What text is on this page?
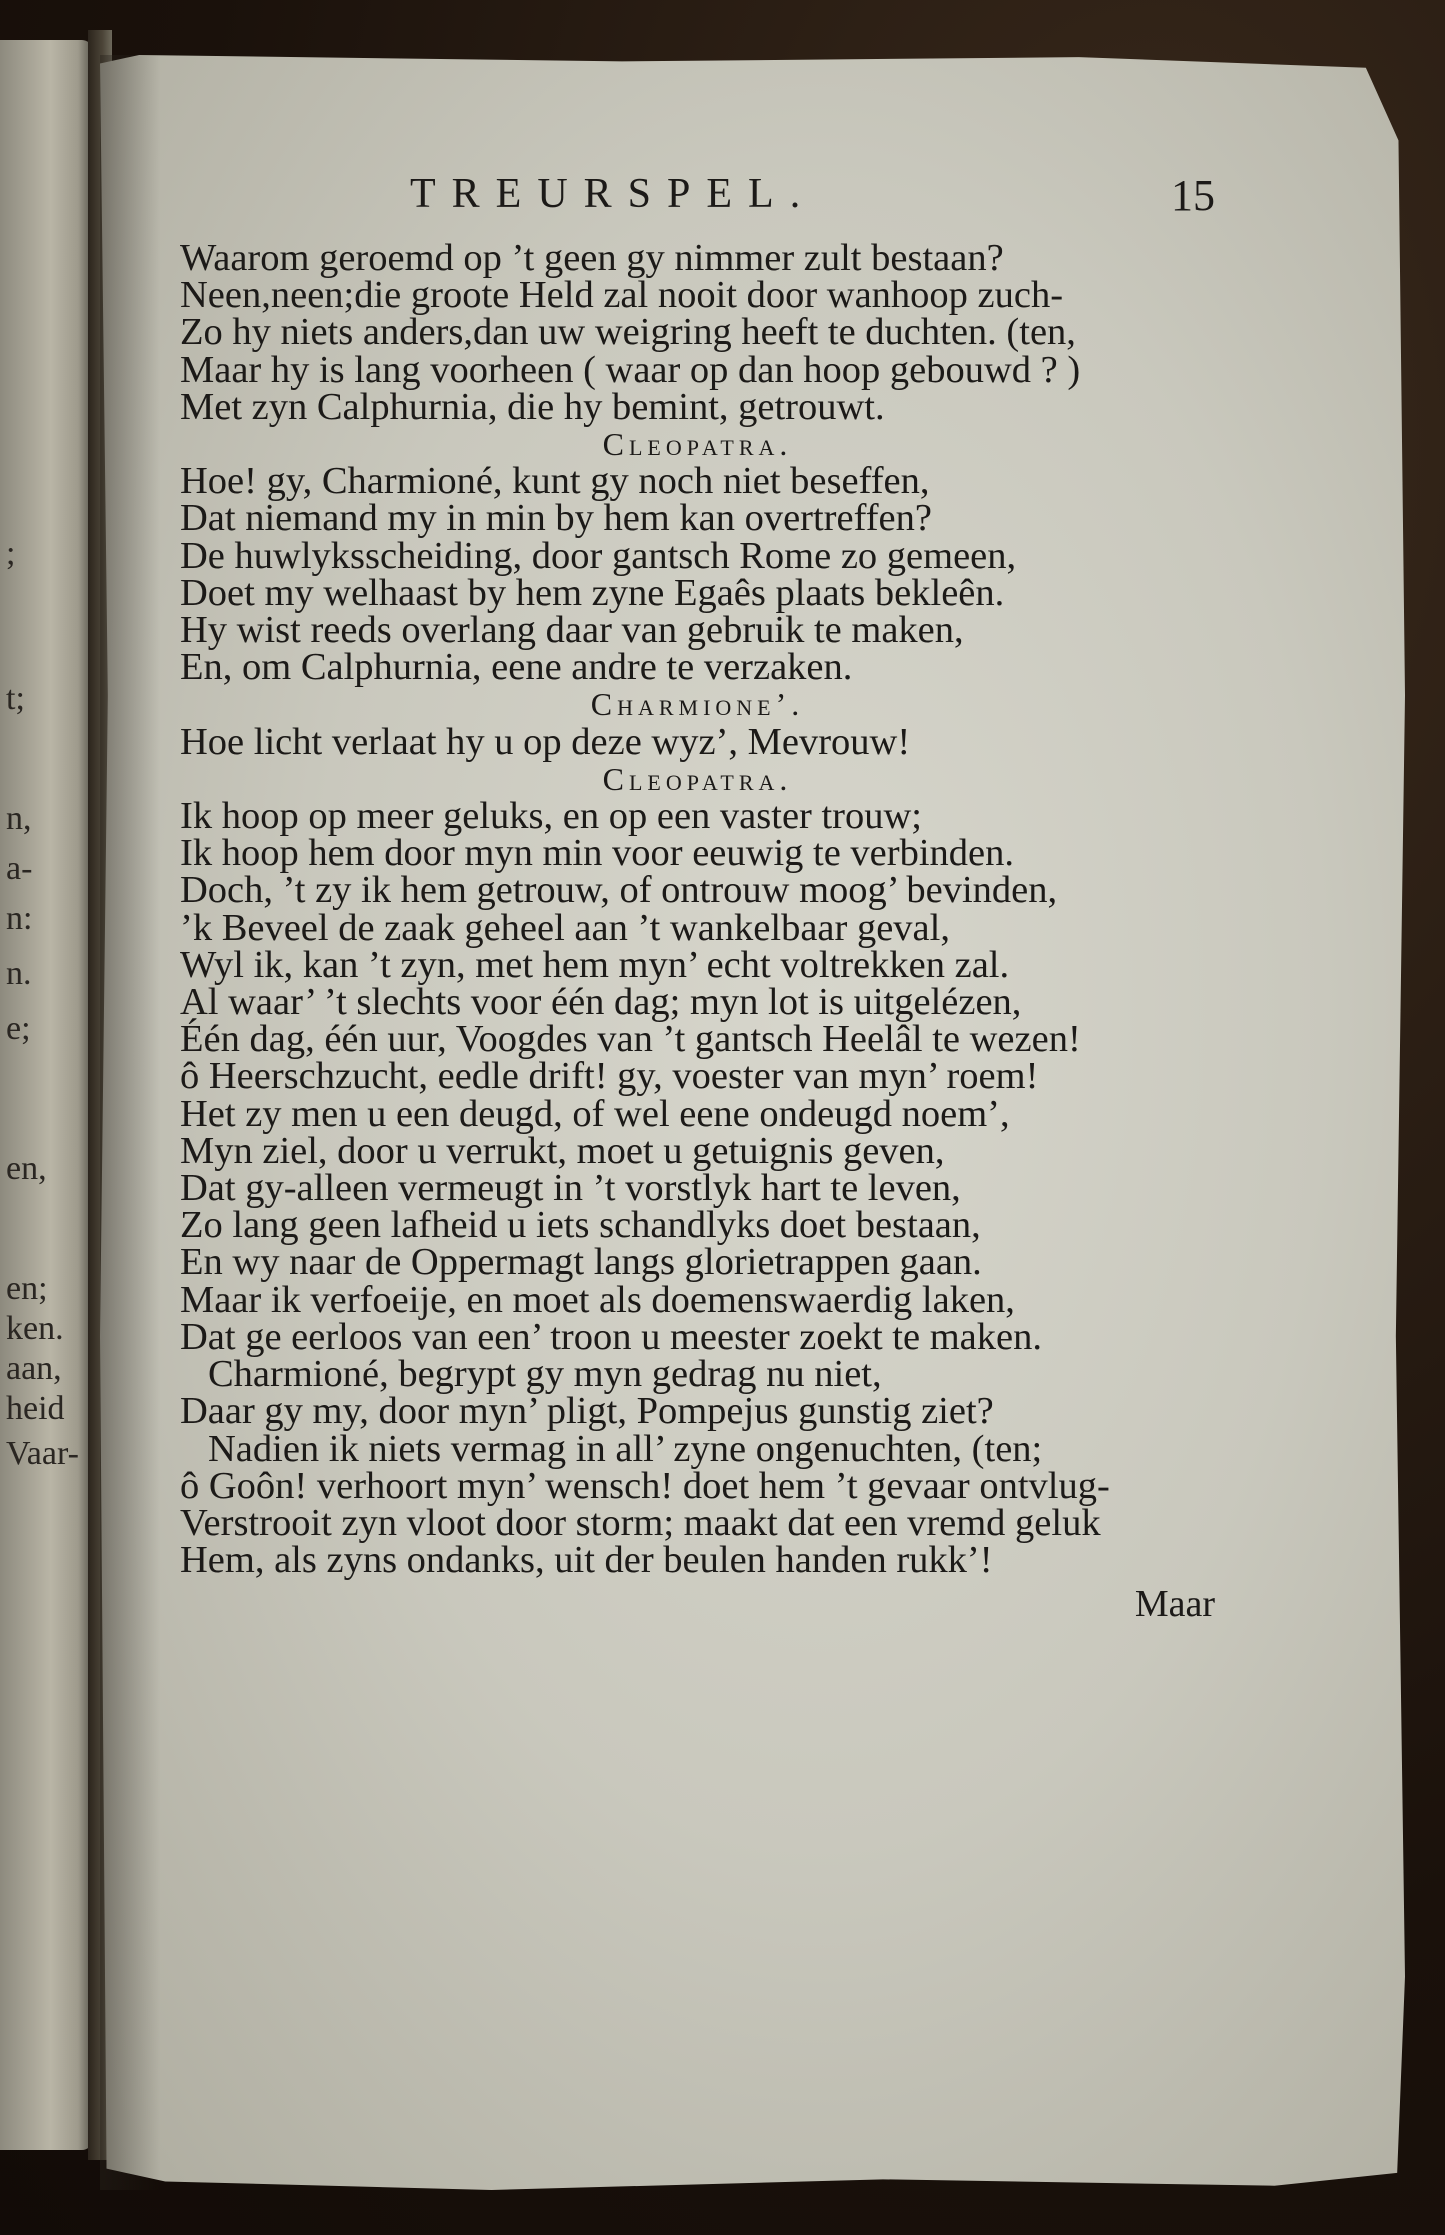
;
t;
n,
a-
n:
n.
e;
en,
en;
ken.
aan,
heid
Vaar-
TREURSPEL.	15
Waarom geroemd op ’t geen gy nimmer zult bestaan?
Neen,neen;die groote Held zal nooit door wanhoop zuch-
Zo hy niets anders,dan uw weigring heeft te duchten. (ten,
Maar hy is lang voorheen ( waar op dan hoop gebouwd ? )
Met zyn Calphurnia, die hy bemint, getrouwt.
Cleopatra.
Hoe! gy, Charmioné, kunt gy noch niet beseffen,
Dat niemand my in min by hem kan overtreffen?
De huwlyksscheiding, door gantsch Rome zo gemeen,
Doet my welhaast by hem zyne Egaês plaats bekleên.
Hy wist reeds overlang daar van gebruik te maken,
En, om Calphurnia, eene andre te verzaken.
Charmione’.
Hoe licht verlaat hy u op deze wyz’, Mevrouw!
Cleopatra.
Ik hoop op meer geluks, en op een vaster trouw;
Ik hoop hem door myn min voor eeuwig te verbinden.
Doch, ’t zy ik hem getrouw, of ontrouw moog’ bevinden,
’k Beveel de zaak geheel aan ’t wankelbaar geval,
Wyl ik, kan ’t zyn, met hem myn’ echt voltrekken zal.
Al waar’ ’t slechts voor één dag; myn lot is uitgelézen,
Één dag, één uur, Voogdes van ’t gantsch Heelâl te wezen!
ô Heerschzucht, eedle drift! gy, voester van myn’ roem!
Het zy men u een deugd, of wel eene ondeugd noem’,
Myn ziel, door u verrukt, moet u getuignis geven,
Dat gy-alleen vermeugt in ’t vorstlyk hart te leven,
Zo lang geen lafheid u iets schandlyks doet bestaan,
En wy naar de Oppermagt langs glorietrappen gaan.
Maar ik verfoeije, en moet als doemenswaerdig laken,
Dat ge eerloos van een’ troon u meester zoekt te maken.
Charmioné, begrypt gy myn gedrag nu niet,
Daar gy my, door myn’ pligt, Pompejus gunstig ziet?
Nadien ik niets vermag in all’ zyne ongenuchten, (ten;
ô Goôn! verhoort myn’ wensch! doet hem ’t gevaar ontvlug-
Verstrooit zyn vloot door storm; maakt dat een vremd geluk
Hem, als zyns ondanks, uit der beulen handen rukk’!
Maar
